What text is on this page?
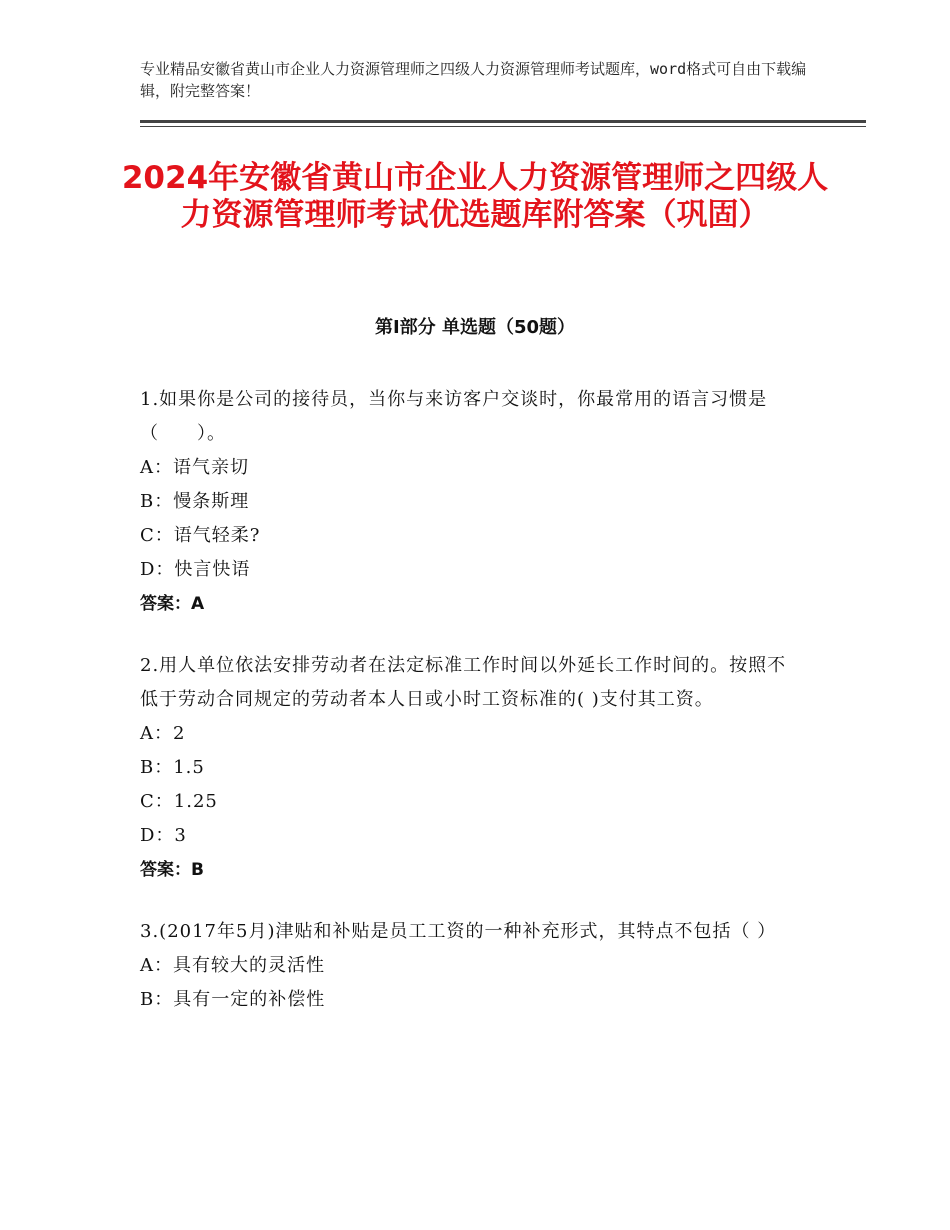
专业精品安徽省黄山市企业人力资源管理师之四级人力资源管理师考试题库，word格式可自由下载编辑，附完整答案！
2024年安徽省黄山市企业人力资源管理师之四级人力资源管理师考试优选题库附答案（巩固）
第Ⅰ部分 单选题（50题）
1.如果你是公司的接待员，当你与来访客户交谈时，你最常用的语言习惯是（　　）。
A：语气亲切
B：慢条斯理
C：语气轻柔?
D：快言快语
答案：A
2.用人单位依法安排劳动者在法定标准工作时间以外延长工作时间的。按照不低于劳动合同规定的劳动者本人日或小时工资标准的( )支付其工资。
A：2
B：1.5
C：1.25
D：3
答案：B
3.(2017年5月)津贴和补贴是员工工资的一种补充形式，其特点不包括（ ）
A：具有较大的灵活性
B：具有一定的补偿性
